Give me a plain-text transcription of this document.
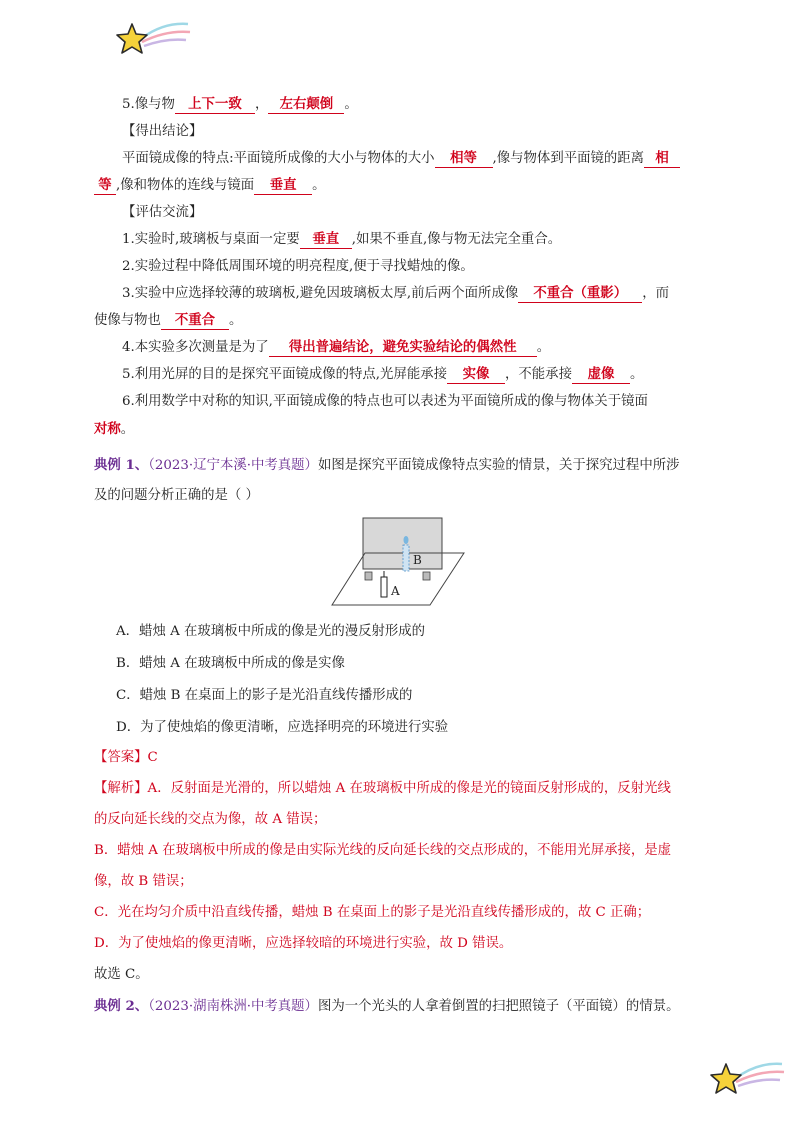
5.像与物 上下一致 ， 左右颠倒 。
【得出结论】
平面镜成像的特点:平面镜所成像的大小与物体的大小 相等 ,像与物体到平面镜的距离 相
等 ,像和物体的连线与镜面 垂直 。
【评估交流】
1.实验时,玻璃板与桌面一定要 垂直 ,如果不垂直,像与物无法完全重合。
2.实验过程中降低周围环境的明亮程度,便于寻找蜡烛的像。
3.实验中应选择较薄的玻璃板,避免因玻璃板太厚,前后两个面所成像 不重合（重影） ，而
使像与物也 不重合 。
4.本实验多次测量是为了 得出普遍结论，避免实验结论的偶然性 。
5.利用光屏的目的是探究平面镜成像的特点,光屏能承接 实像 ，不能承接 虚像 。
6.利用数学中对称的知识,平面镜成像的特点也可以表述为平面镜所成的像与物体关于镜面
对称。
典例 1、（2023·辽宁本溪·中考真题）如图是探究平面镜成像特点实验的情景，关于探究过程中所涉
及的问题分析正确的是（ ）
B
A
A．蜡烛 A 在玻璃板中所成的像是光的漫反射形成的
B．蜡烛 A 在玻璃板中所成的像是实像
C．蜡烛 B 在桌面上的影子是光沿直线传播形成的
D．为了使烛焰的像更清晰，应选择明亮的环境进行实验
【答案】C
【解析】A．反射面是光滑的，所以蜡烛 A 在玻璃板中所成的像是光的镜面反射形成的，反射光线
的反向延长线的交点为像，故 A 错误；
B．蜡烛 A 在玻璃板中所成的像是由实际光线的反向延长线的交点形成的，不能用光屏承接，是虚
像，故 B 错误；
C．光在均匀介质中沿直线传播，蜡烛 B 在桌面上的影子是光沿直线传播形成的，故 C 正确；
D．为了使烛焰的像更清晰，应选择较暗的环境进行实验，故 D 错误。
故选 C。
典例 2、（2023·湖南株洲·中考真题）图为一个光头的人拿着倒置的扫把照镜子（平面镜）的情景。
